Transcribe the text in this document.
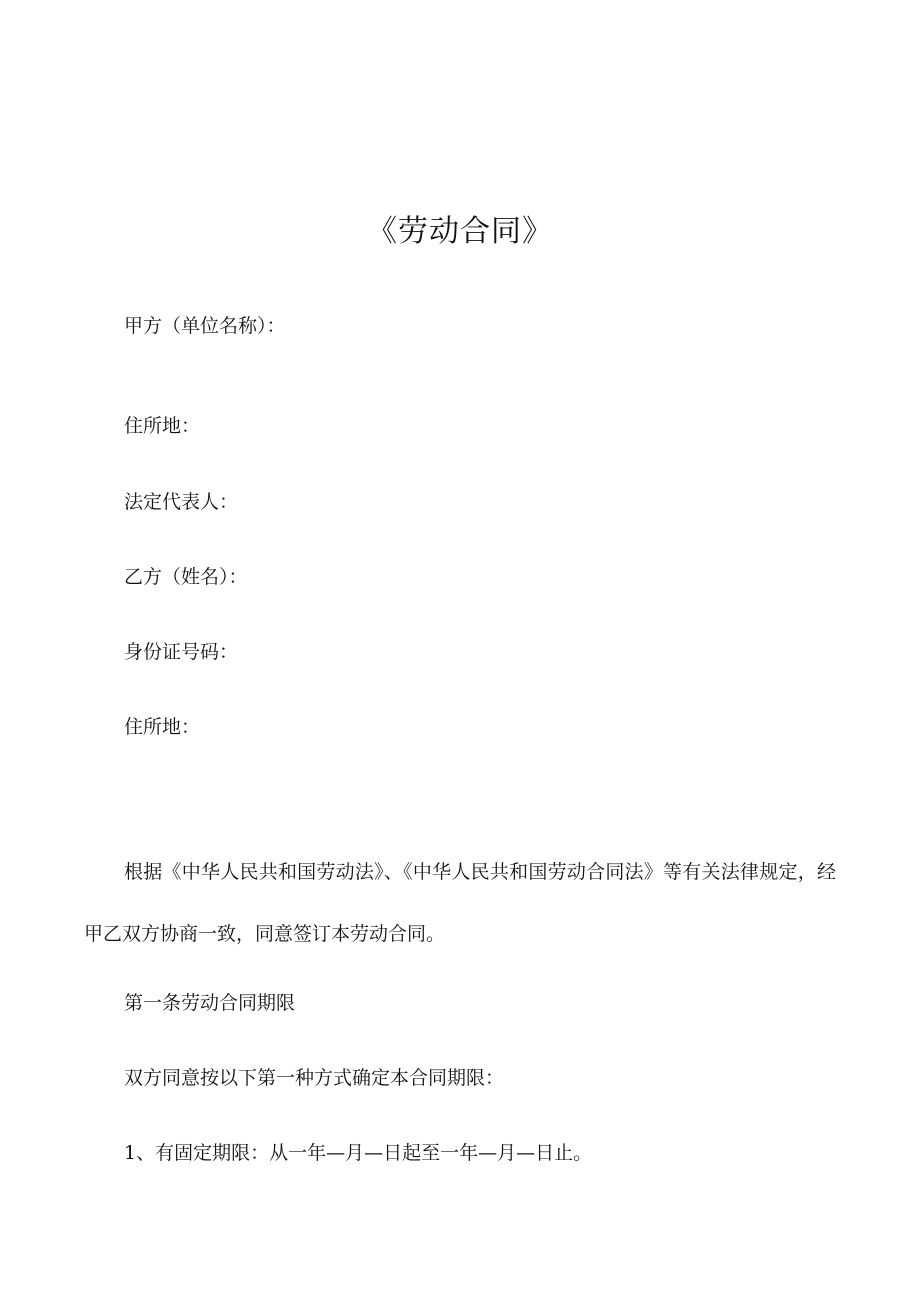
《劳动合同》
甲方（单位名称）：
住所地：
法定代表人：
乙方（姓名）：
身份证号码：
住所地：
根据《中华人民共和国劳动法》、《中华人民共和国劳动合同法》等有关法律规定，经甲乙双方协商一致，同意签订本劳动合同。
第一条劳动合同期限
双方同意按以下第一种方式确定本合同期限：
1、有固定期限：从一年—月—日起至一年—月—日止。
